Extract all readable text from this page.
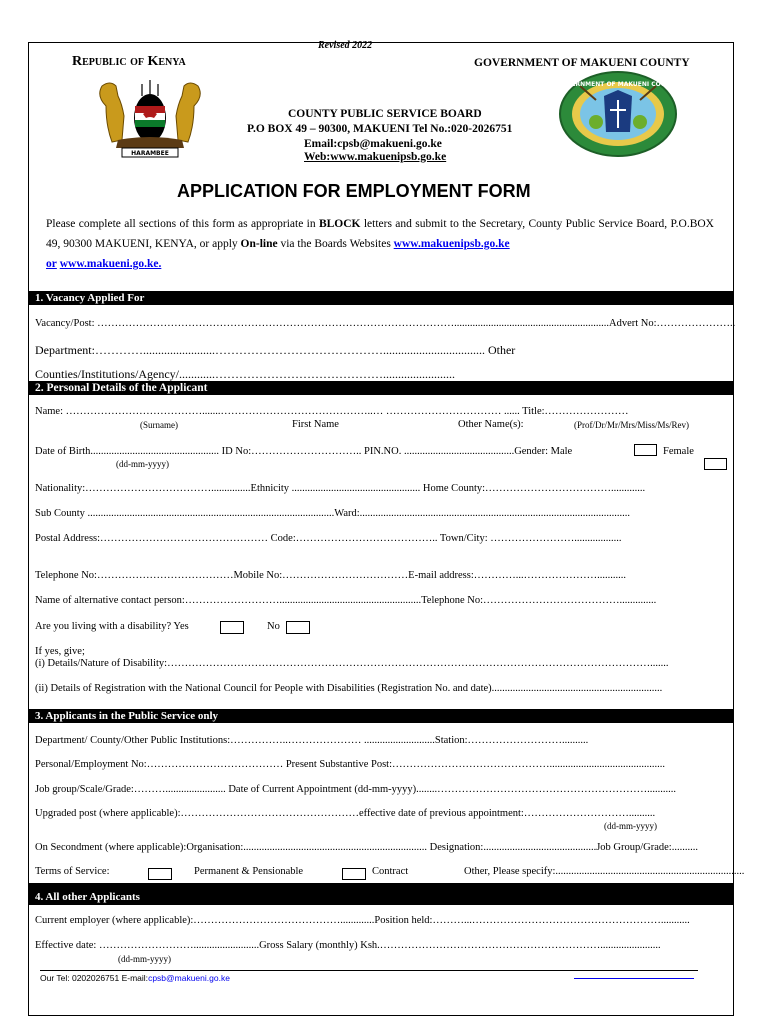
Revised 2022
Republic of Kenya	GOVERNMENT OF MAKUENI COUNTY
HARAMBEE
GOVERNMENT OF MAKUENI COUNTY
COUNTY PUBLIC SERVICE BOARD
P.O BOX 49 – 90300, MAKUENI Tel No.:020-2026751
Email:cpsb@makueni.go.ke
Web:www.makuenipsb.go.ke
APPLICATION FOR EMPLOYMENT FORM
Please complete all sections of this form as appropriate in BLOCK letters and submit to the Secretary, County Public Service Board, P.O.BOX 49, 90300 MAKUENI, KENYA, or apply On-line via the Boards Websites www.makuenipsb.go.ke
or www.makueni.go.ke.
1. Vacancy Applied For
Vacancy/Post: …………………………………………………………………………………………...........................................................Advert No:…………………..
Department:…………........................…………………………………….................................. Other
Counties/Institutions/Agency/............……………………………………........................
2. Personal Details of the Applicant
Name: ………………………………….......……………………………………..… …………………………… ...... Title:……………………
(Surname)	First Name	Other Name(s):	(Prof/Dr/Mr/Mrs/Miss/Ms/Rev)
Date of Birth................................................. ID No:………………………….. PIN.NO. ..........................................Gender: Male	Female
(dd-mm-yyyy)
Nationality:………………………………...............Ethnicity ................................................. Home County:……………………………….............
Sub County ..............................................................................................Ward:.......................................................................................................
Postal Address:………………………………………… Code:………………………………….. Town/City: ……………………..................
Telephone No:…………………………………Mobile No:………………………………E-mail address:…………...…………………...........
Name of alternative contact person:………………………......................................................Telephone No:…………………………………..............
Are you living with a disability? Yes	No
If yes, give;
(i) Details/Nature of Disability:………………………………………………………………………………………………………………………….......
(ii) Details of Registration with the National Council for People with Disabilities (Registration No. and date).................................................................
3. Applicants in the Public Service only
Department/ County/Other Public Institutions:……………..………………… ...........................Station:………………………..........
Personal/Employment No:………………………………… Present Substantive Post:………………………………………............................................
Job group/Scale/Grade:………....................... Date of Current Appointment (dd-mm-yyyy)........……………………………………………………...........
Upgraded post (where applicable):……………………………………………effective date of previous appointment:…………………………..........
(dd-mm-yyyy)
On Secondment (where applicable):Organisation:...................................................................... Designation:...........................................Job Group/Grade:..........
Terms of Service:	Permanent & Pensionable	Contract	Other, Please specify:........................................................................
4. All other Applicants
Current employer (where applicable):…………………………………….............Position held:………...………………………………………………...........
Effective date: ……………………….........................Gross Salary (monthly) Ksh.……………………………………………………….......................
(dd-mm-yyyy)
Our Tel: 0202026751 E-mail:cpsb@makueni.go.ke
